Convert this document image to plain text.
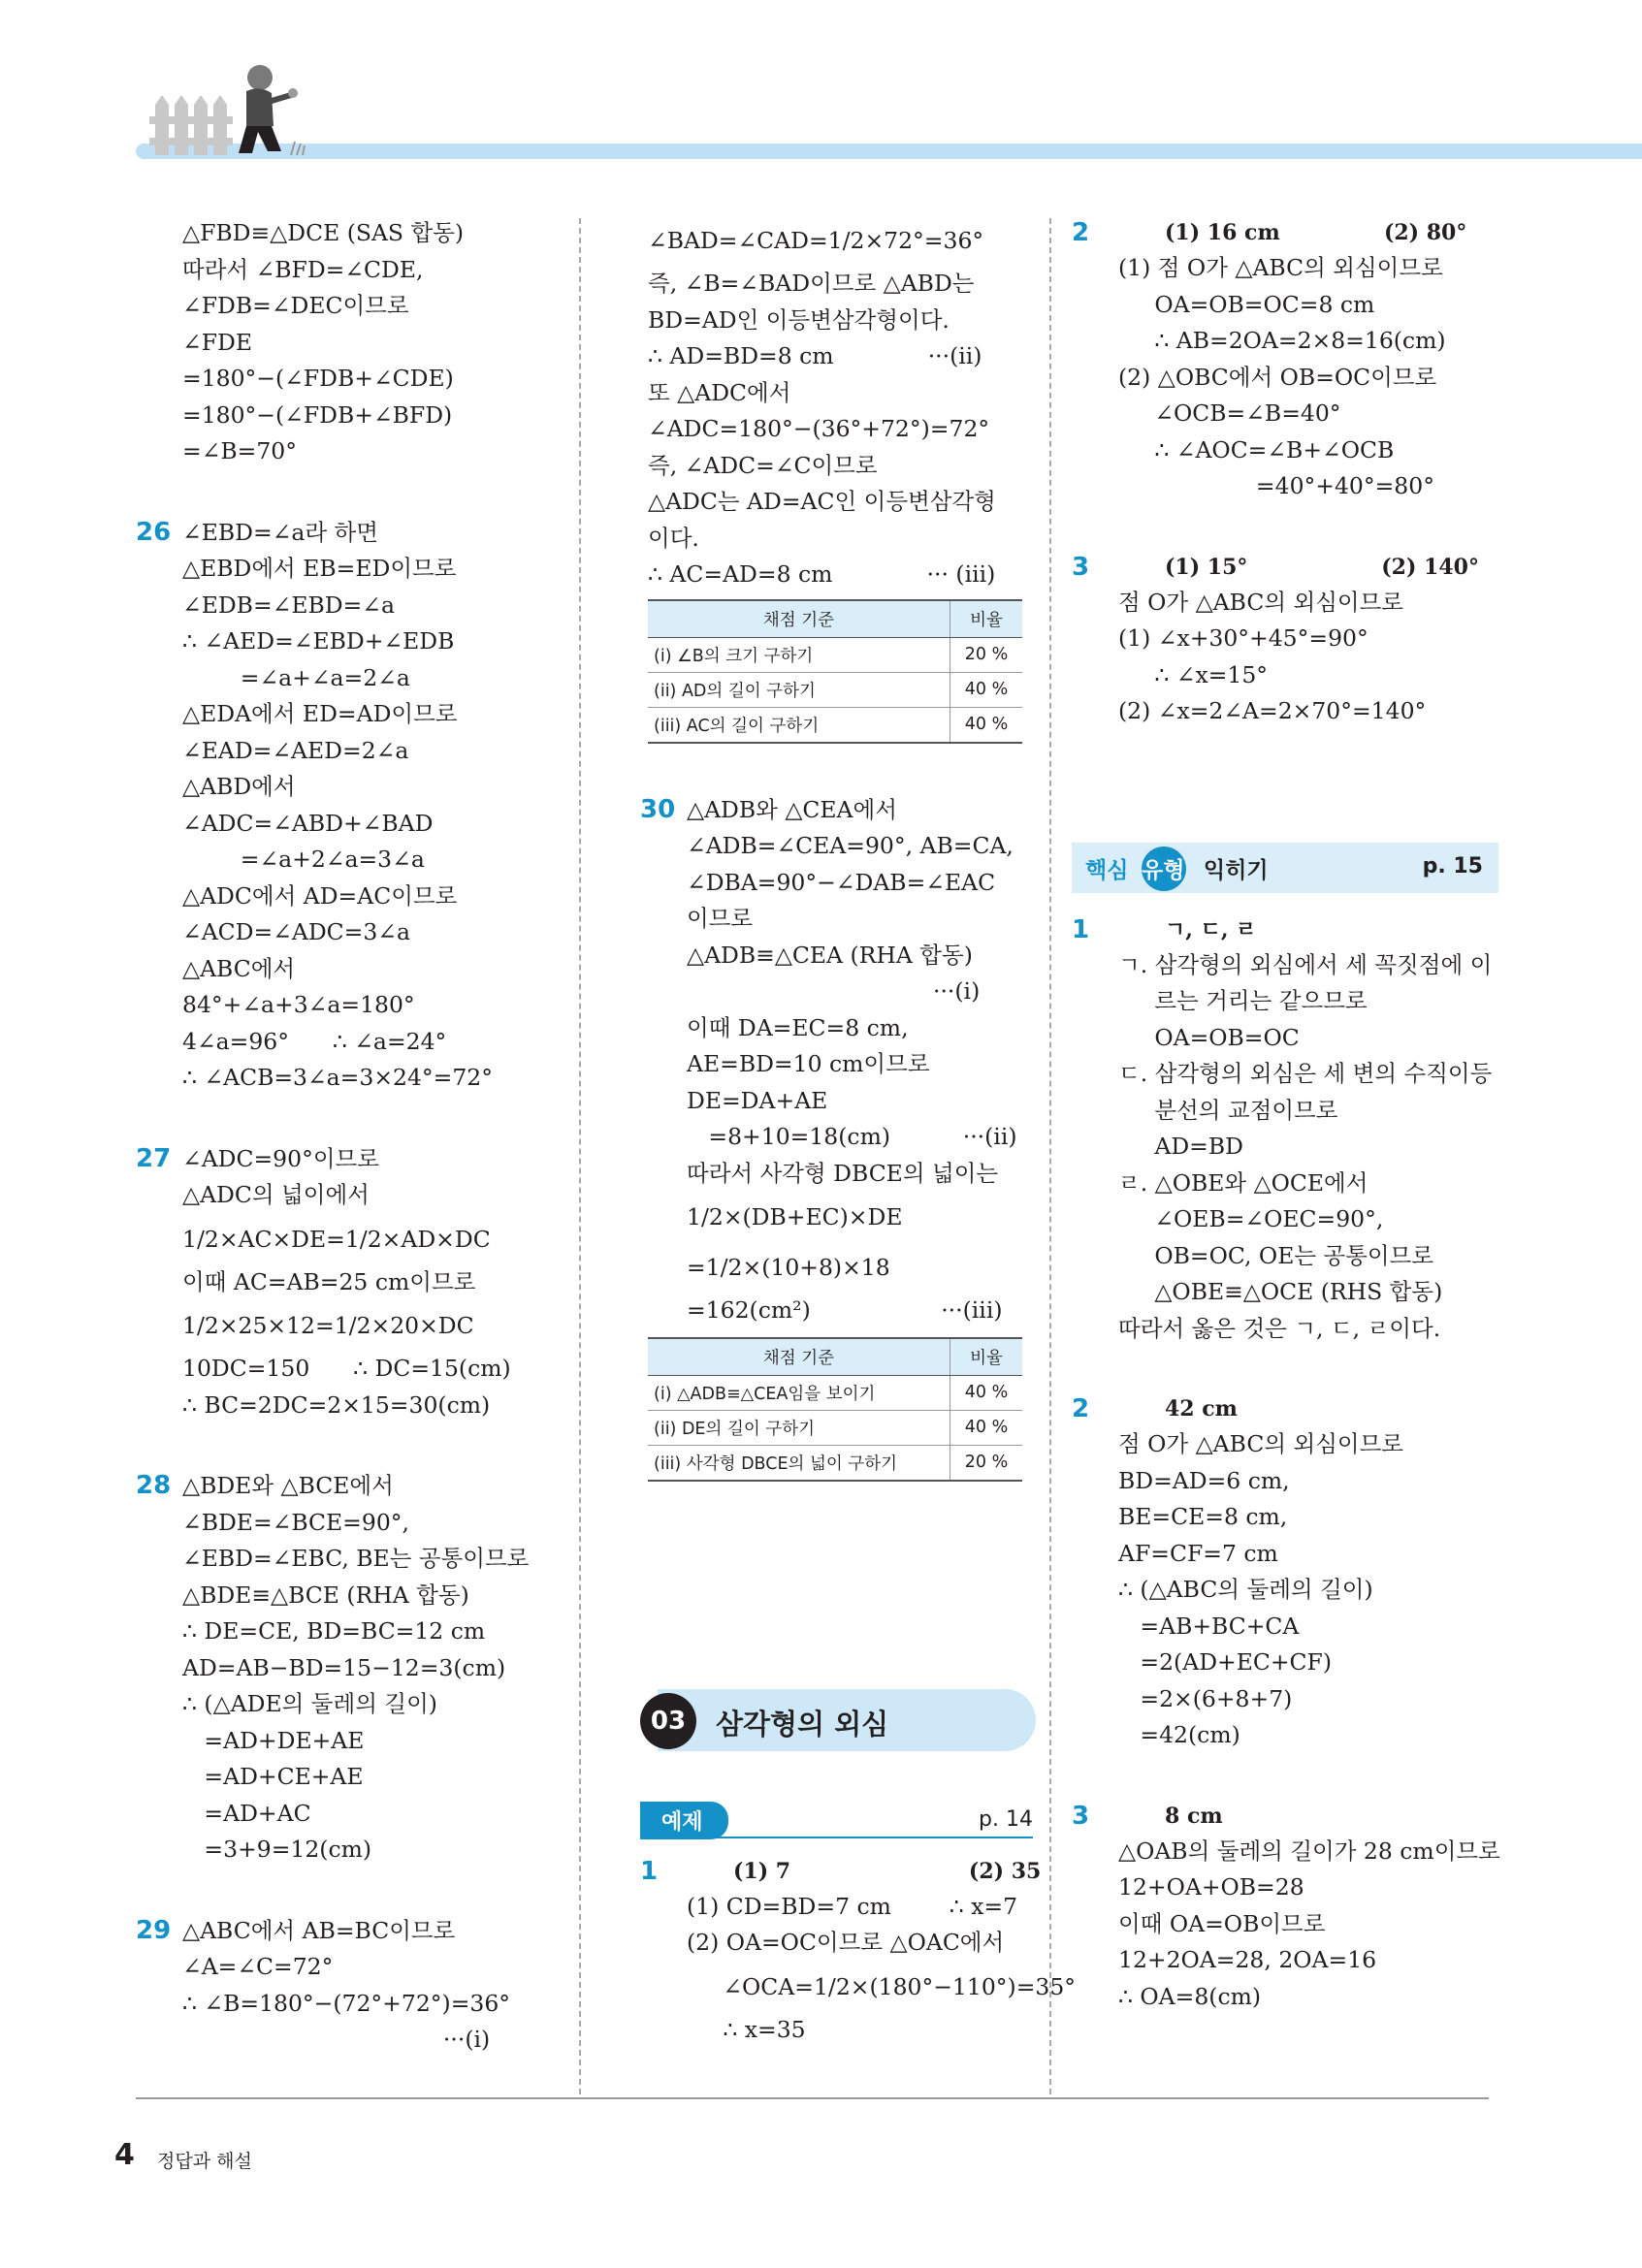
△FBD≡△DCE (SAS 합동)
따라서 ∠BFD=∠CDE,
∠FDB=∠DEC이므로
∠FDE
=180°−(∠FDB+∠CDE)
=180°−(∠FDB+∠BFD)
=∠B=70°
26 ∠EBD=∠a라 하면
△EBD에서 EB=ED이므로
∠EDB=∠EBD=∠a
∴ ∠AED=∠EBD+∠EDB
=∠a+∠a=2∠a
△EDA에서 ED=AD이므로
∠EAD=∠AED=2∠a
△ABD에서
∠ADC=∠ABD+∠BAD
=∠a+2∠a=3∠a
△ADC에서 AD=AC이므로
∠ACD=∠ADC=3∠a
△ABC에서
84°+∠a+3∠a=180°
4∠a=96°      ∴ ∠a=24°
∴ ∠ACB=3∠a=3×24°=72°
27 ∠ADC=90°이므로
△ADC의 넓이에서
1/2×AC×DE=1/2×AD×DC
이때 AC=AB=25 cm이므로
1/2×25×12=1/2×20×DC
10DC=150      ∴ DC=15(cm)
∴ BC=2DC=2×15=30(cm)
28 △BDE와 △BCE에서
∠BDE=∠BCE=90°,
∠EBD=∠EBC, BE는 공통이므로
△BDE≡△BCE (RHA 합동)
∴ DE=CE, BD=BC=12 cm
AD=AB−BD=15−12=3(cm)
∴ (△ADE의 둘레의 길이)
=AD+DE+AE
=AD+CE+AE
=AD+AC
=3+9=12(cm)
29 △ABC에서 AB=BC이므로
∠A=∠C=72°
∴ ∠B=180°−(72°+72°)=36°
···(i)
∠BAD=∠CAD=1/2×72°=36°
즉, ∠B=∠BAD이므로 △ABD는
BD=AD인 이등변삼각형이다.
∴ AD=BD=8 cm             ···(ii)
또 △ADC에서
∠ADC=180°−(36°+72°)=72°
즉, ∠ADC=∠C이므로
△ADC는 AD=AC인 이등변삼각형
이다.
∴ AC=AD=8 cm             ··· (iii)
채점 기준	비율
(i) ∠B의 크기 구하기	20 %
(ii) AD의 길이 구하기	40 %
(iii) AC의 길이 구하기	40 %
30 △ADB와 △CEA에서
∠ADB=∠CEA=90°, AB=CA,
∠DBA=90°−∠DAB=∠EAC
이므로
△ADB≡△CEA (RHA 합동)
···(i)
이때 DA=EC=8 cm,
AE=BD=10 cm이므로
DE=DA+AE
=8+10=18(cm)          ···(ii)
따라서 사각형 DBCE의 넓이는
1/2×(DB+EC)×DE
=1/2×(10+8)×18
=162(cm²)                  ···(iii)
채점 기준	비율
(i) △ADB≡△CEA임을 보이기	40 %
(ii) DE의 길이 구하기	40 %
(iii) 사각형 DBCE의 넓이 구하기	20 %
03강
삼각형의 외심
예제	p. 14
1	(1) 7                        (2) 35
(1) CD=BD=7 cm        ∴ x=7
(2) OA=OC이므로 △OAC에서
∠OCA=1/2×(180°−110°)=35°
∴ x=35
2	(1) 16 cm              (2) 80°
(1) 점 O가 △ABC의 외심이므로
OA=OB=OC=8 cm
∴ AB=2OA=2×8=16(cm)
(2) △OBC에서 OB=OC이므로
∠OCB=∠B=40°
∴ ∠AOC=∠B+∠OCB
=40°+40°=80°
3	(1) 15°                  (2) 140°
점 O가 △ABC의 외심이므로
(1) ∠x+30°+45°=90°
∴ ∠x=15°
(2) ∠x=2∠A=2×70°=140°
핵심 유형 익히기	p. 15
1	ㄱ, ㄷ, ㄹ
ㄱ. 삼각형의 외심에서 세 꼭짓점에 이
르는 거리는 같으므로
OA=OB=OC
ㄷ. 삼각형의 외심은 세 변의 수직이등
분선의 교점이므로
AD=BD
ㄹ. △OBE와 △OCE에서
∠OEB=∠OEC=90°,
OB=OC, OE는 공통이므로
△OBE≡△OCE (RHS 합동)
따라서 옳은 것은 ㄱ, ㄷ, ㄹ이다.
2	42 cm
점 O가 △ABC의 외심이므로
BD=AD=6 cm,
BE=CE=8 cm,
AF=CF=7 cm
∴ (△ABC의 둘레의 길이)
=AB+BC+CA
=2(AD+EC+CF)
=2×(6+8+7)
=42(cm)
3	8 cm
△OAB의 둘레의 길이가 28 cm이므로
12+OA+OB=28
이때 OA=OB이므로
12+2OA=28, 2OA=16
∴ OA=8(cm)
4 정답과 해설
